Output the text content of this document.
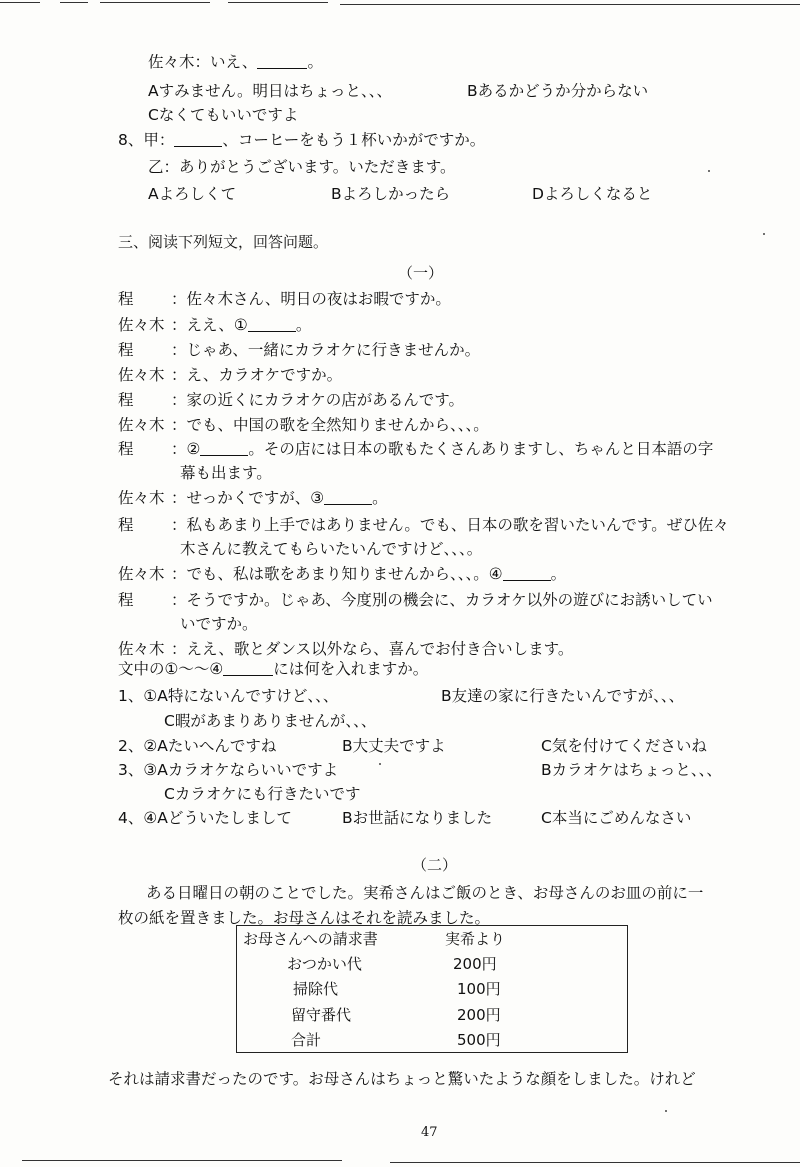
佐々木：いえ、	。
Aすみません。明日はちょっと、、、	Bあるかどうか分からない
Cなくてもいいですよ
8、甲：	、コーヒーをもう１杯いかがですか。
乙：ありがとうございます。いただきます。
Aよろしくて	Bよろしかったら	Dよろしくなると
三、阅读下列短文，回答问题。
（一）
程 ：佐々木さん、明日の夜はお暇ですか。
佐々木 ：ええ、①	。
程 ：じゃあ、一緒にカラオケに行きませんか。
佐々木 ：え、カラオケですか。
程 ：家の近くにカラオケの店があるんです。
佐々木 ：でも、中国の歌を全然知りませんから、、、。
程 ：②	。その店には日本の歌もたくさんありますし、ちゃんと日本語の字
幕も出ます。
佐々木 ：せっかくですが、③	。
程 ：私もあまり上手ではありません。でも、日本の歌を習いたいんです。ぜひ佐々
木さんに教えてもらいたいんですけど、、、。
佐々木 ：でも、私は歌をあまり知りませんから、、、。④	。
程 ：そうですか。じゃあ、今度別の機会に、カラオケ以外の遊びにお誘いしてい
いですか。
佐々木 ：ええ、歌とダンス以外なら、喜んでお付き合いします。
文中の①～～④	には何を入れますか。
1、①A特にないんですけど、、、	B友達の家に行きたいんですが、、、
C暇があまりありませんが、、、
2、②Aたいへんですね	B大丈夫ですよ	C気を付けてくださいね
3、③Aカラオケならいいですよ	Bカラオケはちょっと、、、
Cカラオケにも行きたいです
4、④Aどういたしまして	Bお世話になりました	C本当にごめんなさい
（二）
ある日曜日の朝のことでした。実希さんはご飯のとき、お母さんのお皿の前に一
枚の紙を置きました。お母さんはそれを読みました。
お母さんへの請求書	実希より
おつかい代	200円
掃除代	100円
留守番代	200円
合計	500円
それは請求書だったのです。お母さんはちょっと驚いたような顔をしました。けれど
47
